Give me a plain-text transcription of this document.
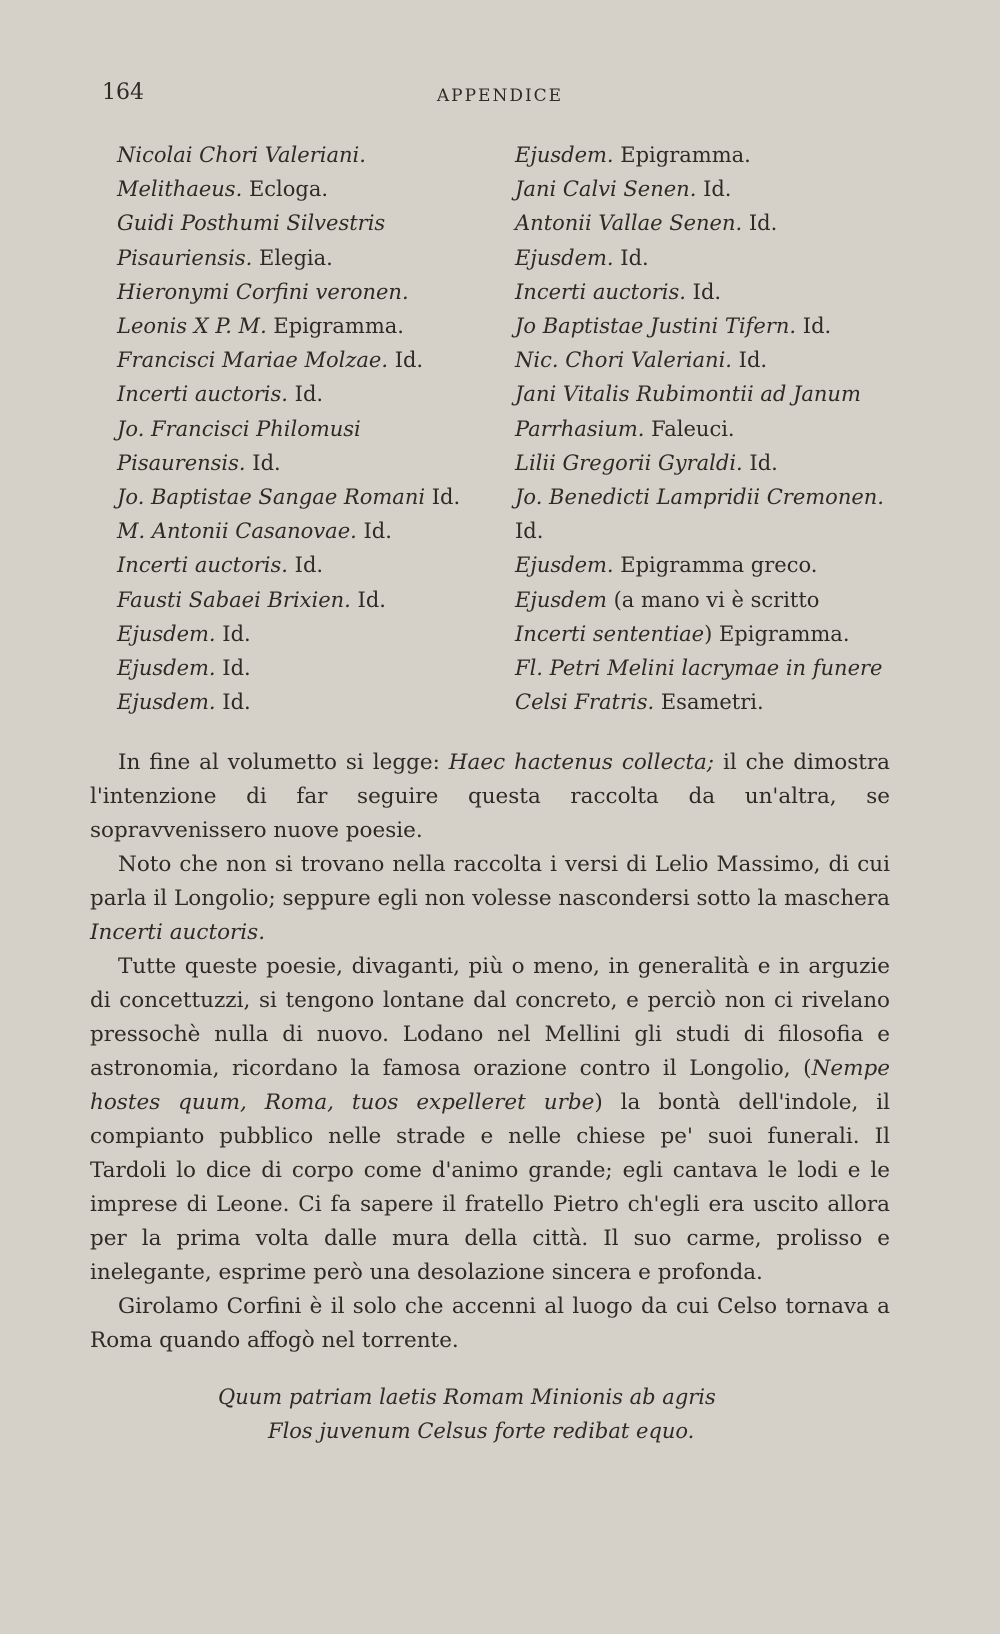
164	APPENDICE

Nicolai Chori Valeriani. Melithaeus. Ecloga.

Guidi Posthumi Silvestris Pisauriensis. Elegia.

Hieronymi Corfini veronen.

Leonis X P. M. Epigramma.

Francisci Mariae Molzae. Id.

Incerti auctoris. Id.

Jo. Francisci Philomusi Pisaurensis. Id.

Jo. Baptistae Sangae Romani Id.

M. Antonii Casanovae. Id.

Incerti auctoris. Id.

Fausti Sabaei Brixien. Id.

Ejusdem. Id.

Ejusdem. Id.

Ejusdem. Id.

Ejusdem. Epigramma.

Jani Calvi Senen. Id.

Antonii Vallae Senen. Id.

Ejusdem. Id.

Incerti auctoris. Id.

Jo Baptistae Justini Tifern. Id.

Nic. Chori Valeriani. Id.

Jani Vitalis Rubimontii ad Janum Parrhasium. Faleuci.

Lilii Gregorii Gyraldi. Id.

Jo. Benedicti Lampridii Cremonen. Id.

Ejusdem. Epigramma greco.

Ejusdem (a mano vi è scritto
Incerti sententiae) Epigramma.

Fl. Petri Melini lacrymae in funere Celsi Fratris. Esametri.

In fine al volumetto si legge: Haec hactenus collecta; il che dimostra l'intenzione di far seguire questa raccolta da un'altra, se sopravvenissero nuove poesie.

Noto che non si trovano nella raccolta i versi di Lelio Massimo, di cui parla il Longolio; seppure egli non volesse nascondersi sotto la maschera Incerti auctoris.

Tutte queste poesie, divaganti, più o meno, in generalità e in arguzie di concettuzzi, si tengono lontane dal concreto, e perciò non ci rivelano pressochè nulla di nuovo. Lodano nel Mellini gli studi di filosofia e astronomia, ricordano la famosa orazione contro il Longolio, (Nempe hostes quum, Roma, tuos expelleret urbe) la bontà dell'indole, il compianto pubblico nelle strade e nelle chiese pe' suoi funerali. Il Tardoli lo dice di corpo come d'animo grande; egli cantava le lodi e le imprese di Leone. Ci fa sapere il fratello Pietro ch'egli era uscito allora per la prima volta dalle mura della città. Il suo carme, prolisso e inelegante, esprime però una desolazione sincera e profonda.

Girolamo Corfini è il solo che accenni al luogo da cui Celso tornava a Roma quando affogò nel torrente.

Quum patriam laetis Romam Minionis ab agris
Flos juvenum Celsus forte redibat equo.
